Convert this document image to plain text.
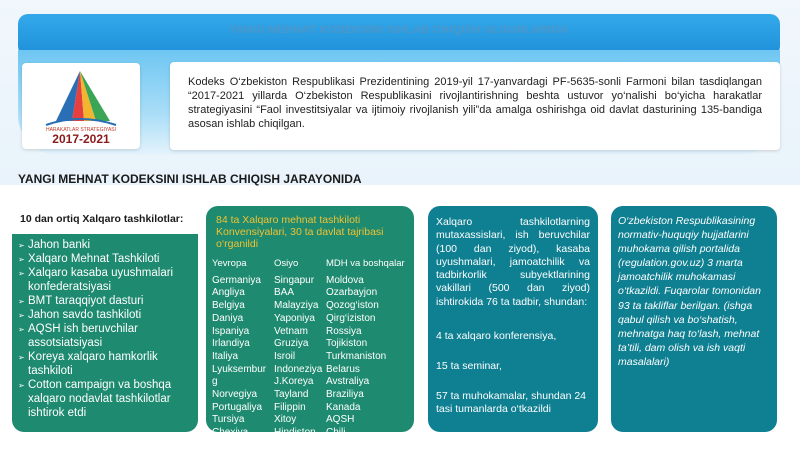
YANGI MEHNAT KODEKSINI ISHLAB CHIQISH ULGUNLARIGA
HARAKATLAR STRATEGIYASI
2017-2021
Kodeks O‘zbekiston Respublikasi Prezidentining 2019-yil 17-yanvardagi PF-5635-sonli Farmoni bilan tasdiqlangan “2017-2021 yillarda O‘zbekiston Respublikasini rivojlantirishning beshta ustuvor yo‘nalishi bo‘yicha harakatlar strategiyasini “Faol investitsiyalar va ijtimoiy rivojlanish yili”da amalga oshirishga oid davlat dasturining 135-bandiga asosan ishlab chiqilgan.
YANGI MEHNAT KODEKSINI ISHLAB CHIQISH JARAYONIDA
10 dan ortiq Xalqaro tashkilotlar:
➢ Jahon banki
➢ Xalqaro Mehnat Tashkiloti
➢ Xalqaro kasaba uyushmalari konfederatsiyasi
➢ BMT taraqqiyot dasturi
➢ Jahon savdo tashkiloti
➢ AQSH ish beruvchilar assotsiatsiyasi
➢ Koreya xalqaro hamkorlik tashkiloti
➢ Cotton campaign va boshqa xalqaro nodavlat tashkilotlar ishtirok etdi
84 ta Xalqaro mehnat tashkiloti Konvensiyalari, 30 ta davlat tajribasi o‘rganildi
Yevropa
Germaniya
Angliya
Belgiya
Daniya
Ispaniya
Irlandiya
Italiya
Lyuksembur
g
Norvegiya
Portugaliya
Tursiya
Chexiya
Osiyo
Singapur
BAA
Malayziya
Yaponiya
Vetnam
Gruziya
Isroil
Indoneziya
J.Koreya
Tayland
Filippin
Xitoy
Hindiston
MDH va boshqalar
Moldova
Ozarbayjon
Qozog‘iston
Qirg‘iziston
Rossiya
Tojikiston
Turkmaniston
Belarus
Avstraliya
Braziliya
Kanada
AQSH
Chili

Xalqaro tashkilotlarning mutaxassislari, ish beruvchilar (100 dan ziyod), kasaba uyushmalari, jamoatchilik va tadbirkorlik subyektlarining vakillari (500 dan ziyod) ishtirokida 76 ta tadbir, shundan:

4 ta xalqaro konferensiya,

15 ta seminar,

57 ta muhokamalar, shundan 24 tasi tumanlarda o‘tkazildi

O‘zbekiston Respublikasining normativ-huquqiy hujjatlarini muhokama qilish portalida (regulation.gov.uz) 3 marta jamoatchilik muhokamasi o‘tkazildi. Fuqarolar tomonidan 93 ta takliflar berilgan. (ishga qabul qilish va bo‘shatish, mehnatga haq to‘lash, mehnat ta’tili, dam olish va ish vaqti masalalari)
